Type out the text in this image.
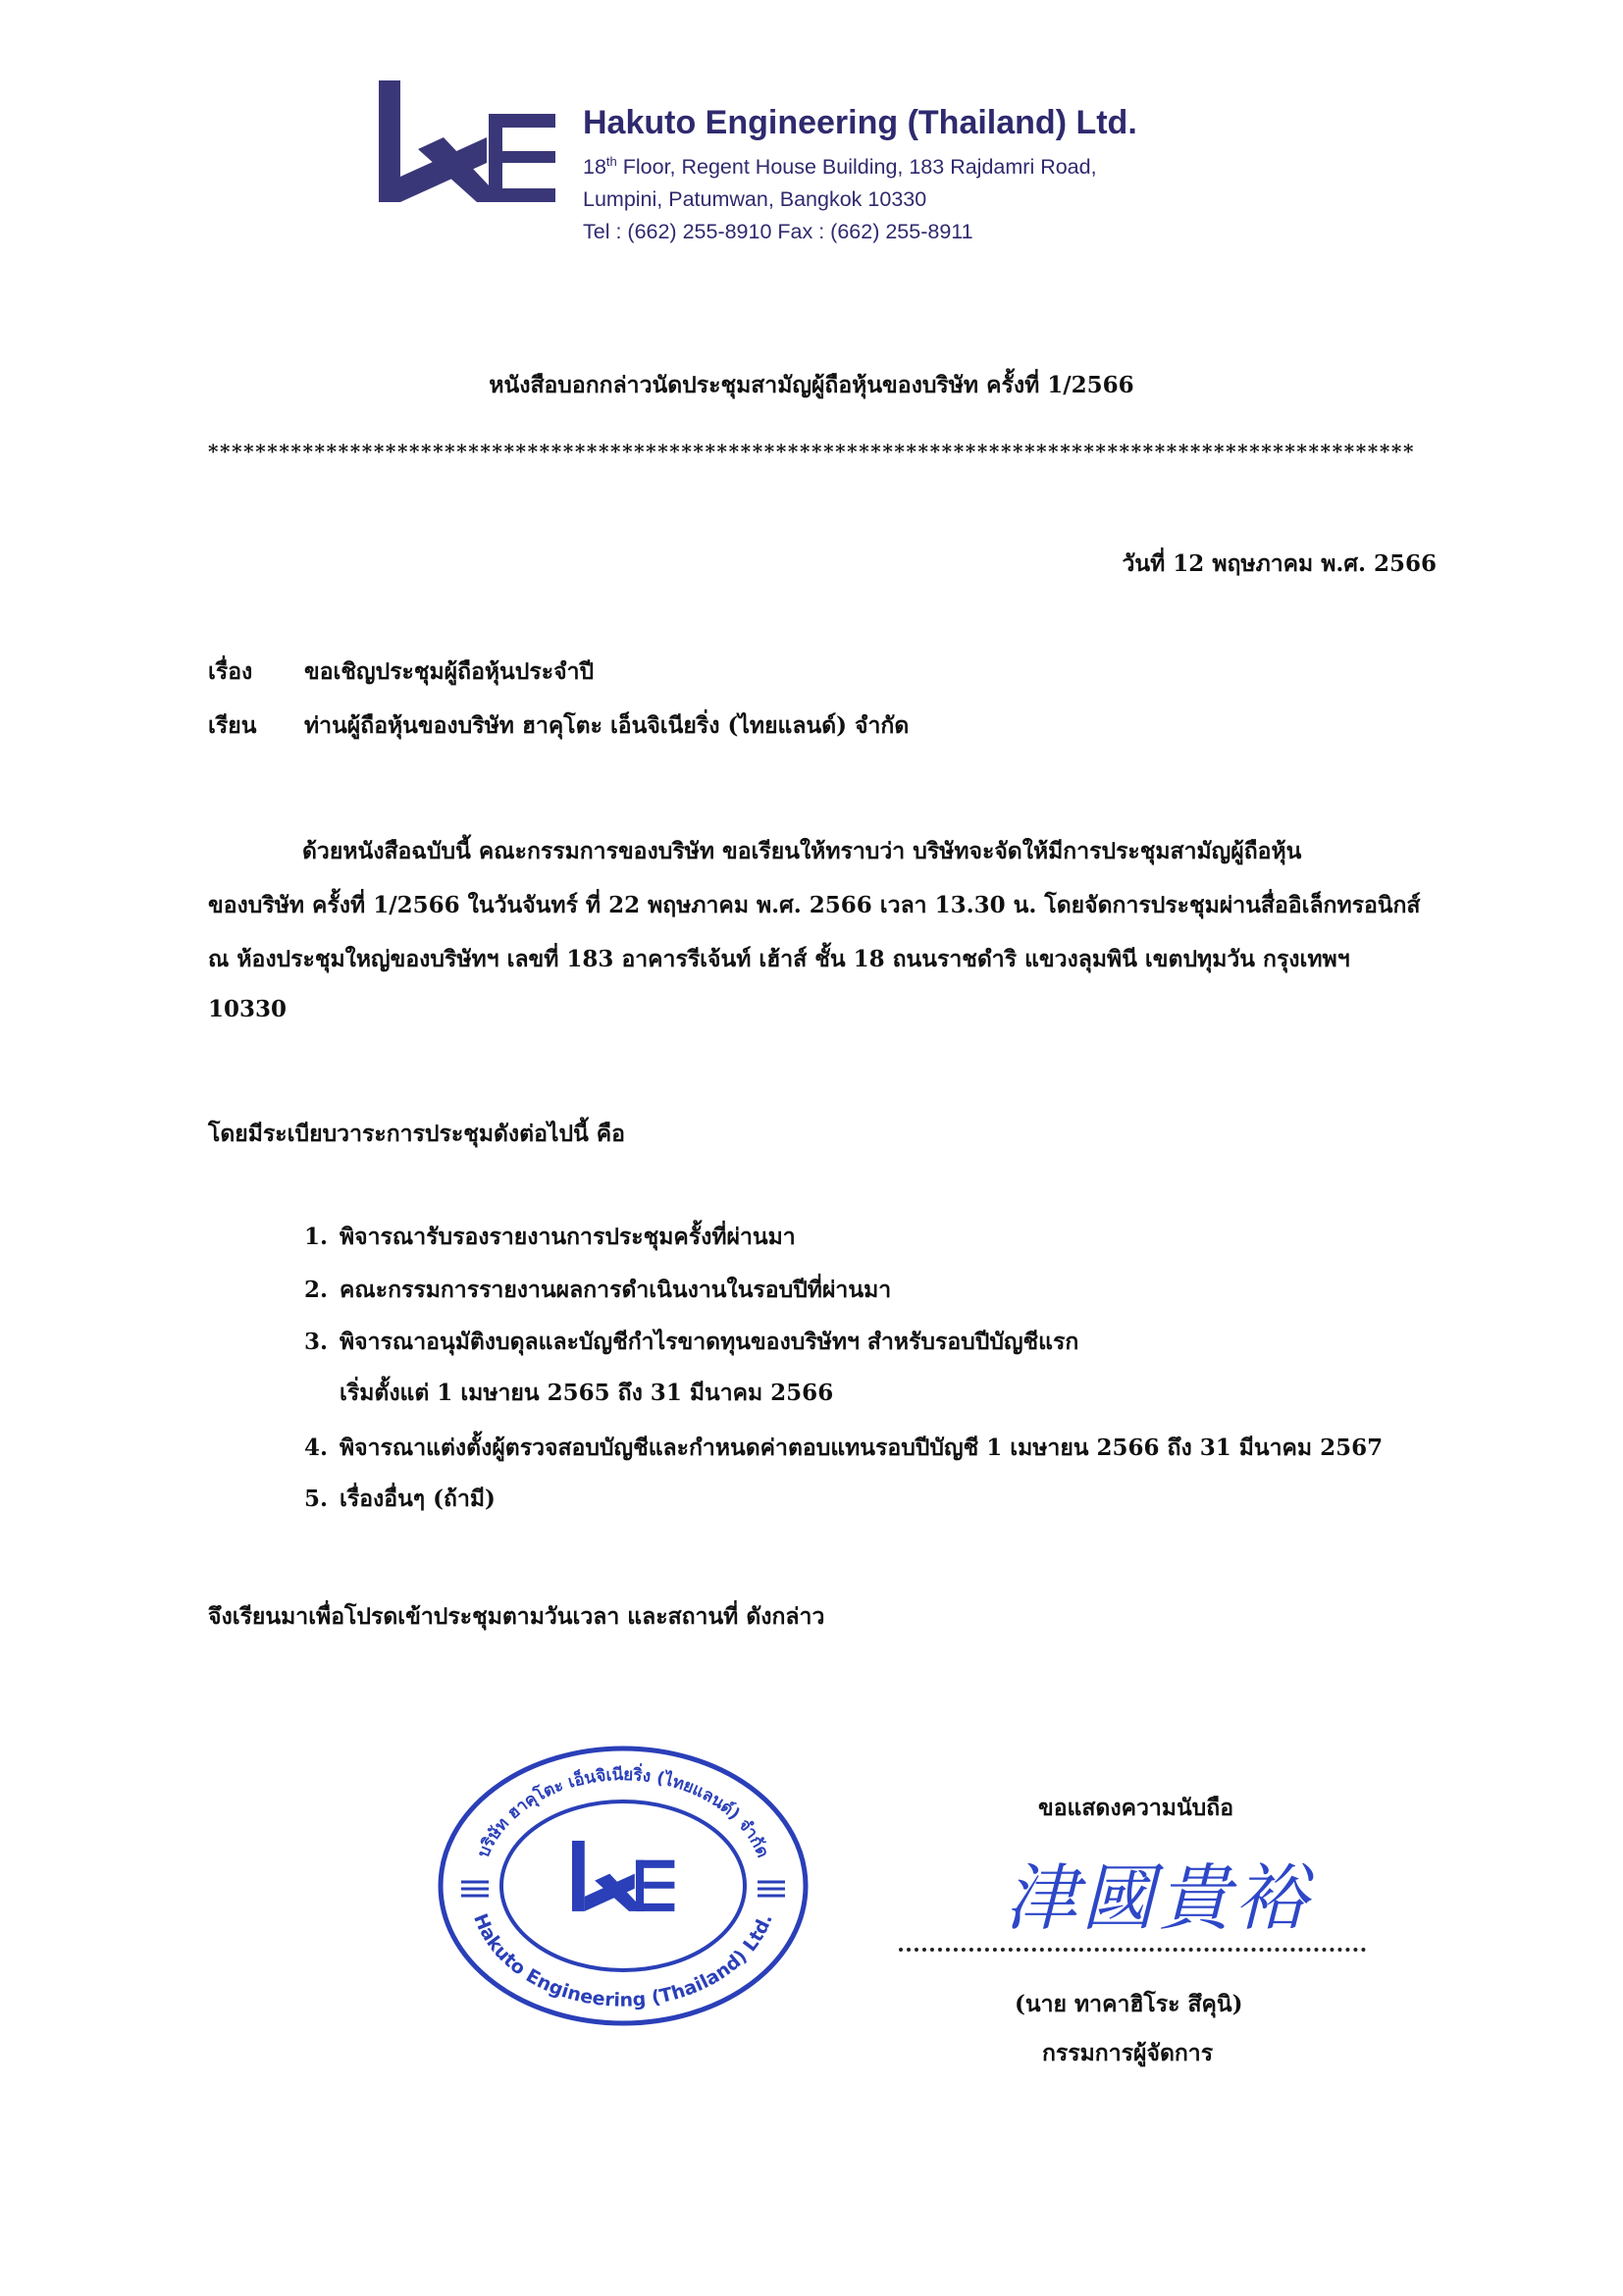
Hakuto Engineering (Thailand) Ltd.
18th Floor, Regent House Building, 183 Rajdamri Road,
Lumpini, Patumwan, Bangkok 10330
Tel : (662) 255-8910 Fax : (662) 255-8911
หนังสือบอกกล่าวนัดประชุมสามัญผู้ถือหุ้นของบริษัท ครั้งที่ 1/2566
******************************************************************************************************
วันที่ 12 พฤษภาคม พ.ศ. 2566
เรื่อง ขอเชิญประชุมผู้ถือหุ้นประจำปี
เรียน ท่านผู้ถือหุ้นของบริษัท ฮาคุโตะ เอ็นจิเนียริ่ง (ไทยแลนด์) จำกัด
ด้วยหนังสือฉบับนี้ คณะกรรมการของบริษัท ขอเรียนให้ทราบว่า บริษัทจะจัดให้มีการประชุมสามัญผู้ถือหุ้น
ของบริษัท ครั้งที่ 1/2566 ในวันจันทร์ ที่ 22 พฤษภาคม พ.ศ. 2566 เวลา 13.30 น. โดยจัดการประชุมผ่านสื่ออิเล็กทรอนิกส์
ณ ห้องประชุมใหญ่ของบริษัทฯ เลขที่ 183 อาคารรีเจ้นท์ เฮ้าส์ ชั้น 18 ถนนราชดำริ แขวงลุมพินี เขตปทุมวัน กรุงเทพฯ
10330
โดยมีระเบียบวาระการประชุมดังต่อไปนี้ คือ
1. พิจารณารับรองรายงานการประชุมครั้งที่ผ่านมา
2. คณะกรรมการรายงานผลการดำเนินงานในรอบปีที่ผ่านมา
3. พิจารณาอนุมัติงบดุลและบัญชีกำไรขาดทุนของบริษัทฯ สำหรับรอบปีบัญชีแรก
เริ่มตั้งแต่ 1 เมษายน 2565 ถึง 31 มีนาคม 2566
4. พิจารณาแต่งตั้งผู้ตรวจสอบบัญชีและกำหนดค่าตอบแทนรอบปีบัญชี 1 เมษายน 2566 ถึง 31 มีนาคม 2567
5. เรื่องอื่นๆ (ถ้ามี)
จึงเรียนมาเพื่อโปรดเข้าประชุมตามวันเวลา และสถานที่ ดังกล่าว
บริษัท ฮาคุโตะ เอ็นจิเนียริ่ง (ไทยแลนด์) จำกัด
Hakuto Engineering (Thailand) Ltd.
ขอแสดงความนับถือ
津國貴裕
(นาย ทาคาฮิโระ สึคุนิ)
กรรมการผู้จัดการ
